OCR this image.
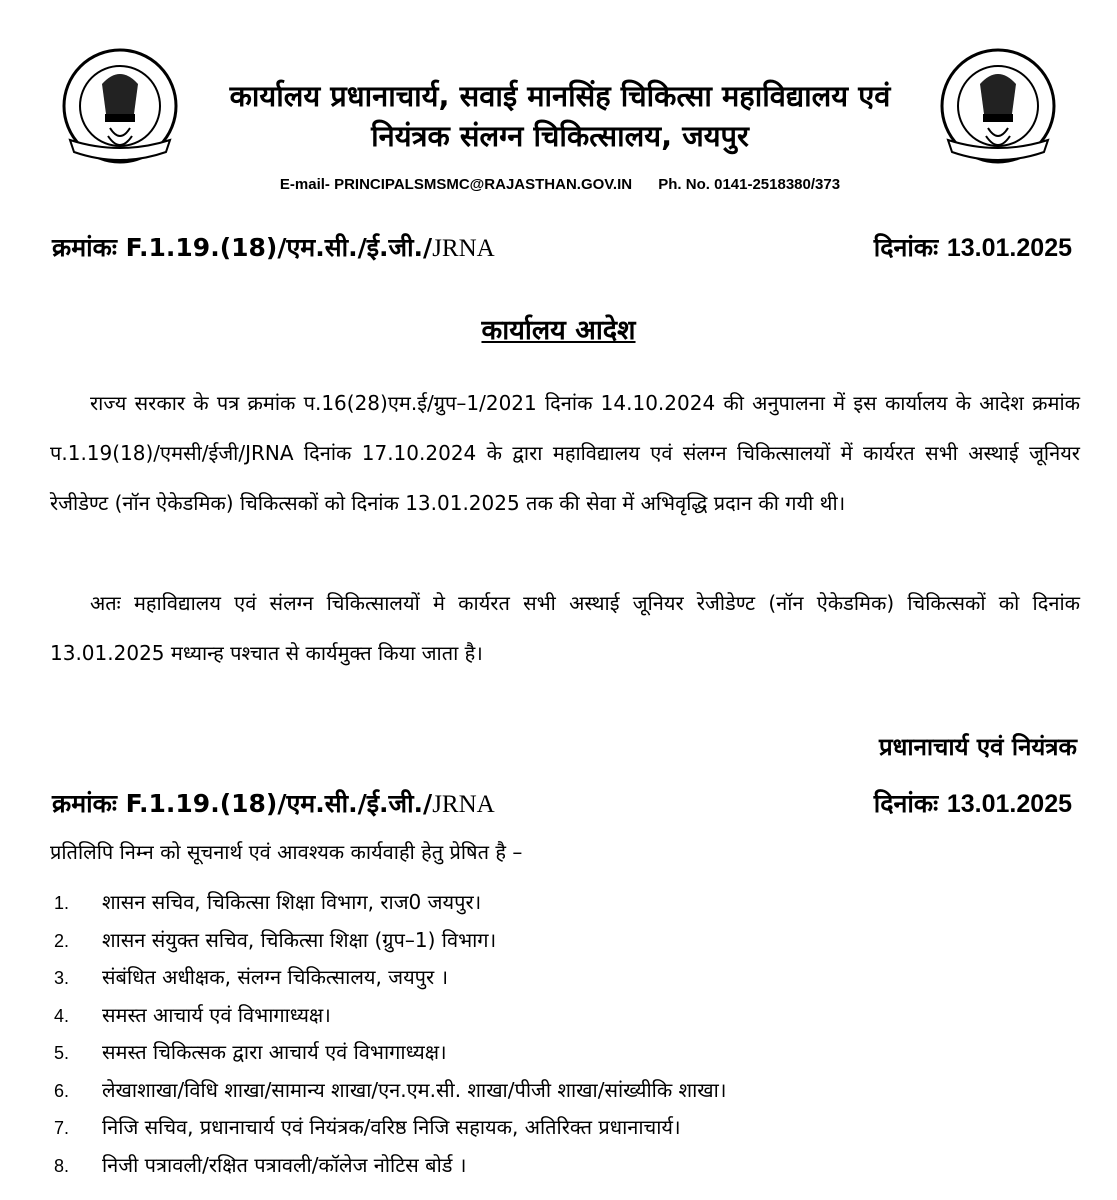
कार्यालय प्रधानाचार्य, सवाई मानसिंह चिकित्सा महाविद्यालय एवं नियंत्रक संलग्न चिकित्सालय, जयपुर
E-mail- PRINCIPALSMSMC@RAJASTHAN.GOV.IN Ph. No. 0141-2518380/373
क्रमांकः F.1.19.(18)/एम.सी./ई.जी./JRNA	दिनांकः 13.01.2025
कार्यालय आदेश

राज्य सरकार के पत्र क्रमांक प.16(28)एम.ई/ग्रुप–1/2021 दिनांक 14.10.2024 की अनुपालना में इस कार्यालय के आदेश क्रमांक प.1.19(18)/एमसी/ईजी/JRNA दिनांक 17.10.2024 के द्वारा महाविद्यालय एवं संलग्न चिकित्सालयों में कार्यरत सभी अस्थाई जूनियर रेजीडेण्ट (नॉन ऐकेडमिक) चिकित्सकों को दिनांक 13.01.2025 तक की सेवा में अभिवृद्धि प्रदान की गयी थी।

अतः महाविद्यालय एवं संलग्न चिकित्सालयों मे कार्यरत सभी अस्थाई जूनियर रेजीडेण्ट (नॉन ऐकेडमिक) चिकित्सकों को दिनांक 13.01.2025 मध्यान्ह पश्चात से कार्यमुक्त किया जाता है।

प्रधानाचार्य एवं नियंत्रक
क्रमांकः F.1.19.(18)/एम.सी./ई.जी./JRNA	दिनांकः 13.01.2025
प्रतिलिपि निम्न को सूचनार्थ एवं आवश्यक कार्यवाही हेतु प्रेषित है –
1. शासन सचिव, चिकित्सा शिक्षा विभाग, राज0 जयपुर।
2. शासन संयुक्त सचिव, चिकित्सा शिक्षा (ग्रुप–1) विभाग।
3. संबंधित अधीक्षक, संलग्न चिकित्सालय, जयपुर ।
4. समस्त आचार्य एवं विभागाध्यक्ष।
5. समस्त चिकित्सक द्वारा आचार्य एवं विभागाध्यक्ष।
6. लेखाशाखा/विधि शाखा/सामान्य शाखा/एन.एम.सी. शाखा/पीजी शाखा/सांख्यीकि शाखा।
7. निजि सचिव, प्रधानाचार्य एवं नियंत्रक/वरिष्ठ निजि सहायक, अतिरिक्त प्रधानाचार्य।
8. निजी पत्रावली/रक्षित पत्रावली/कॉलेज नोटिस बोर्ड ।
